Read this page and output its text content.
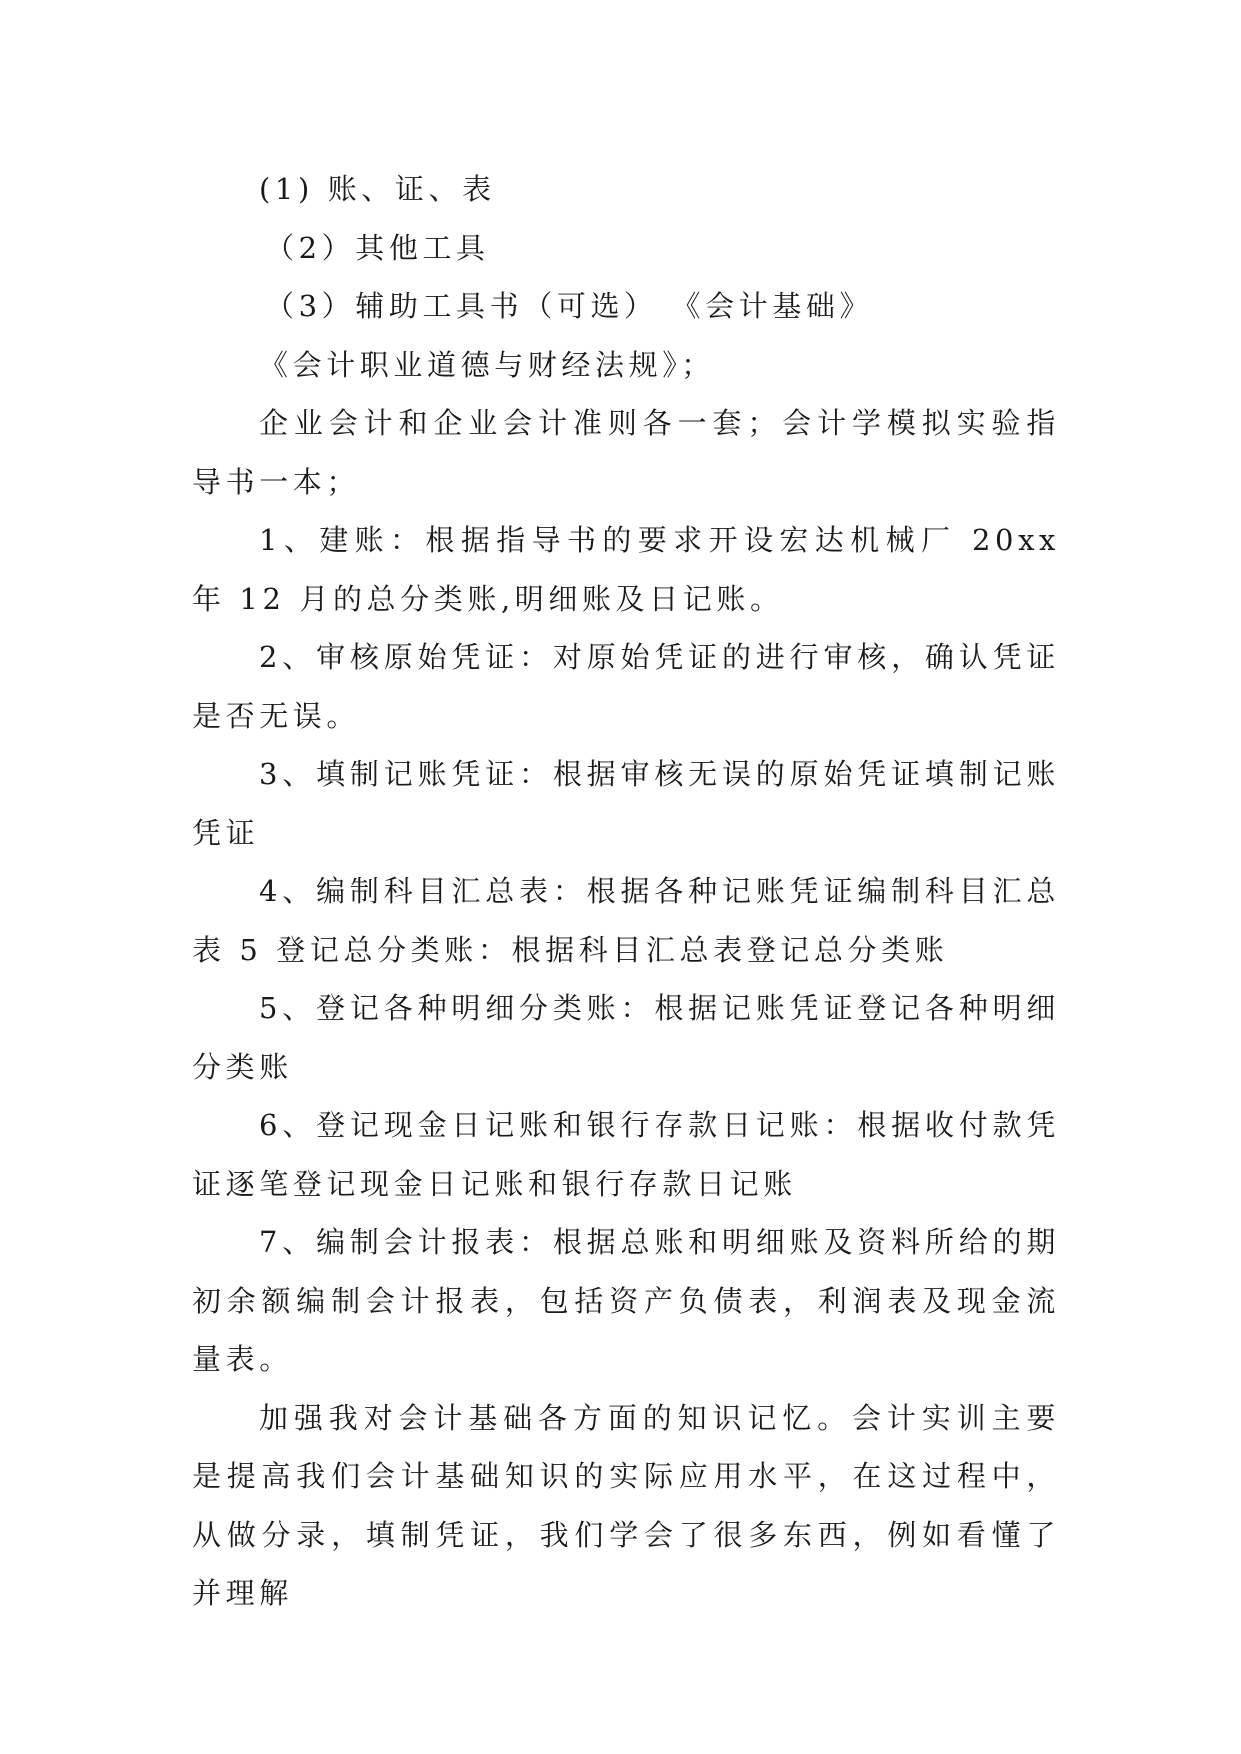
(1) 账、证、表

（2）其他工具

（3）辅助工具书（可选） 《会计基础》

《会计职业道德与财经法规》；

企业会计和企业会计准则各一套；会计学模拟实验指导书一本；

1、建账：根据指导书的要求开设宏达机械厂 20xx 年 12 月的总分类账,明细账及日记账。

2、审核原始凭证：对原始凭证的进行审核，确认凭证是否无误。

3、填制记账凭证：根据审核无误的原始凭证填制记账凭证

4、编制科目汇总表：根据各种记账凭证编制科目汇总表 5 登记总分类账：根据科目汇总表登记总分类账

5、登记各种明细分类账：根据记账凭证登记各种明细分类账

6、登记现金日记账和银行存款日记账：根据收付款凭证逐笔登记现金日记账和银行存款日记账

7、编制会计报表：根据总账和明细账及资料所给的期初余额编制会计报表，包括资产负债表，利润表及现金流量表。

加强我对会计基础各方面的知识记忆。会计实训主要是提高我们会计基础知识的实际应用水平，在这过程中，从做分录，填制凭证，我们学会了很多东西，例如看懂了并理解
